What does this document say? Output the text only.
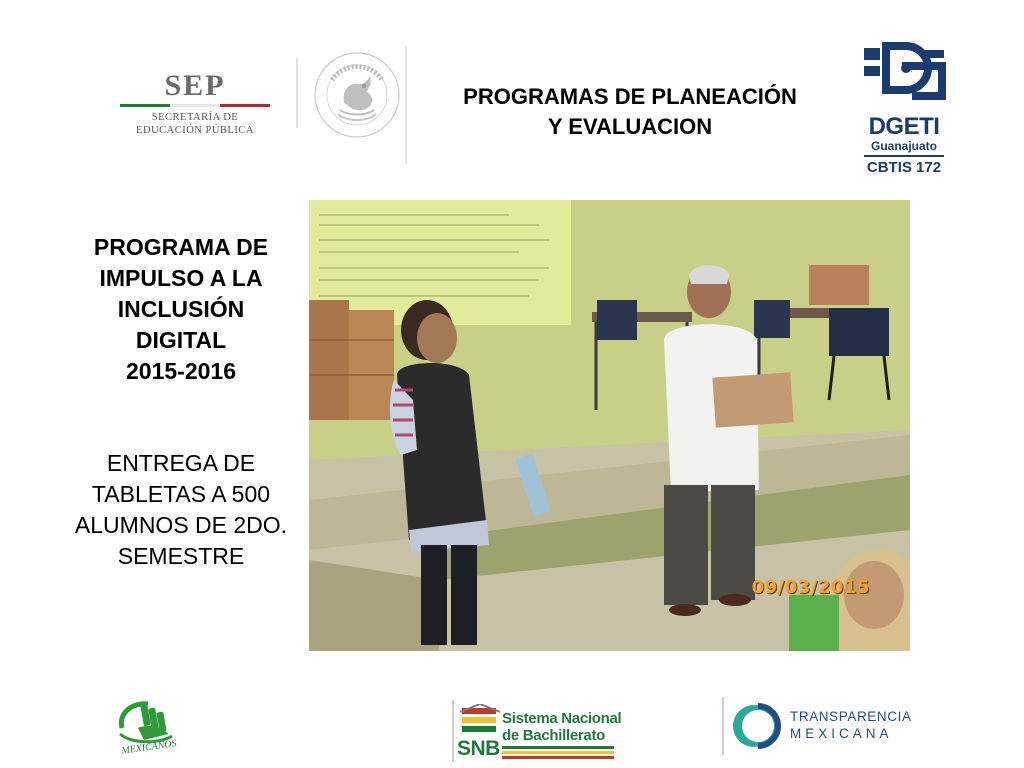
SEP
SECRETARÍA DE
EDUCACIÓN PÚBLICA
PROGRAMAS DE PLANEACIÓN
Y EVALUACION	DGETI
Guanajuato
CBTIS 172
PROGRAMA DE
IMPULSO A LA
INCLUSIÓN
DIGITAL
2015-2016
ENTREGA DE
TABLETAS A 500
ALUMNOS DE 2DO.
SEMESTRE
09/03/2015
MEXICANOS
Sistema Nacional
de Bachillerato
SNB
TRANSPARENCIA
MEXICANA
